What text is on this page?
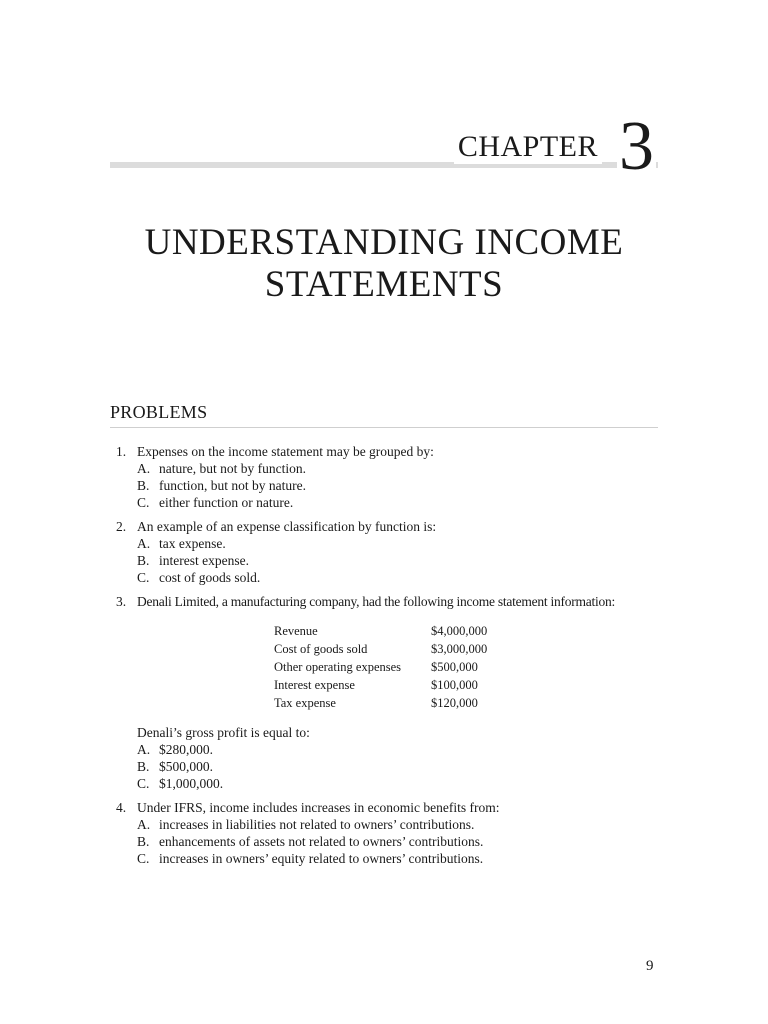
CHAPTER 3
UNDERSTANDING INCOME
STATEMENTS
PROBLEMS
1. Expenses on the income statement may be grouped by:
A. nature, but not by function.
B. function, but not by nature.
C. either function or nature.
2. An example of an expense classification by function is:
A. tax expense.
B. interest expense.
C. cost of goods sold.
3. Denali Limited, a manufacturing company, had the following income statement information:
Revenue	$4,000,000
Cost of goods sold	$3,000,000
Other operating expenses	$500,000
Interest expense	$100,000
Tax expense	$120,000
Denali’s gross profit is equal to:
A. $280,000.
B. $500,000.
C. $1,000,000.
4. Under IFRS, income includes increases in economic benefits from:
A. increases in liabilities not related to owners’ contributions.
B. enhancements of assets not related to owners’ contributions.
C. increases in owners’ equity related to owners’ contributions.
9
